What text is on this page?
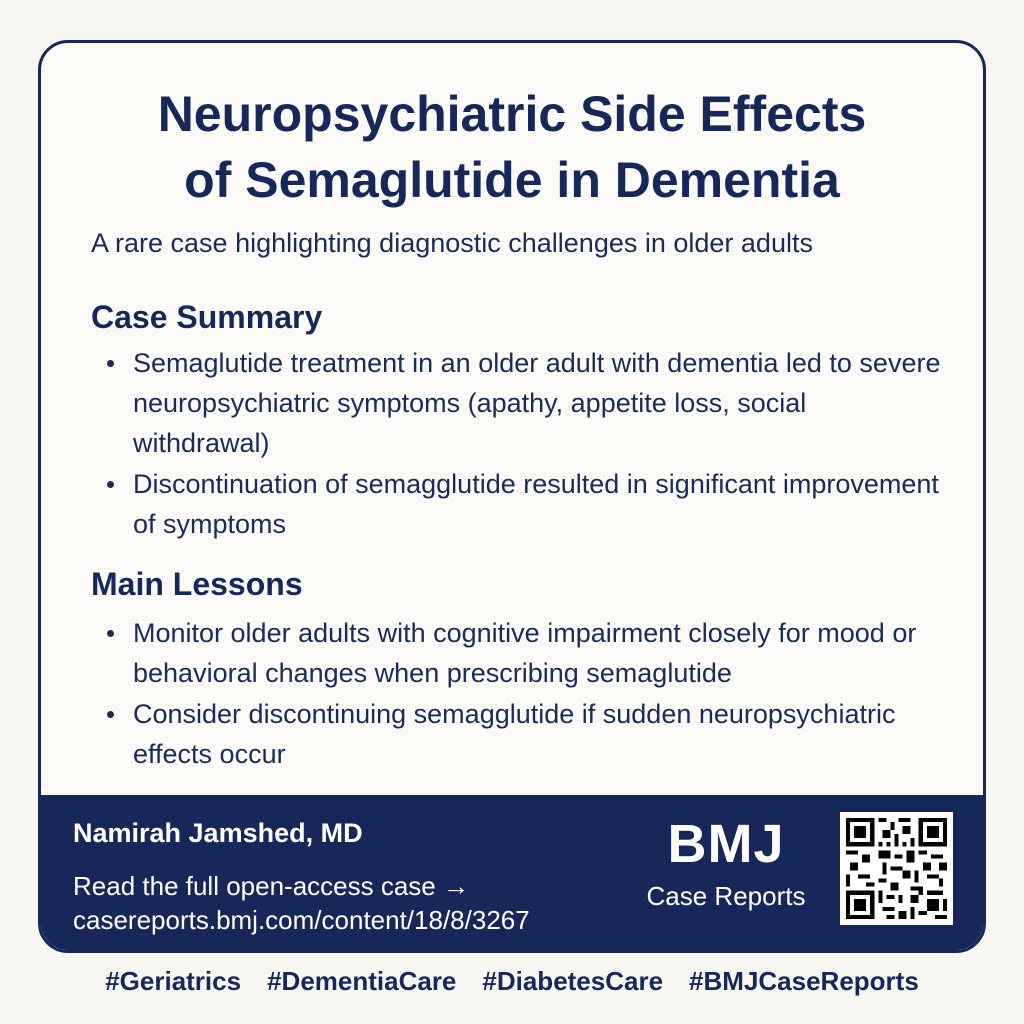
Neuropsychiatric Side Effects
of Semaglutide in Dementia

A rare case highlighting diagnostic challenges in older adults

Case Summary
Semaglutide treatment in an older adult with dementia led to severe neuropsychiatric symptoms (apathy, appetite loss, social withdrawal)
Discontinuation of semagglutide resulted in significant improvement of symptoms
Main Lessons
Monitor older adults with cognitive impairment closely for mood or behavioral changes when prescribing semaglutide
Consider discontinuing semagglutide if sudden neuropsychiatric effects occur
Namirah Jamshed, MD
Read the full open-access case →
casereports.bmj.com/content/18/8/3267
BMJ
Case Reports
#Geriatrics #DementiaCare #DiabetesCare #BMJCaseReports
